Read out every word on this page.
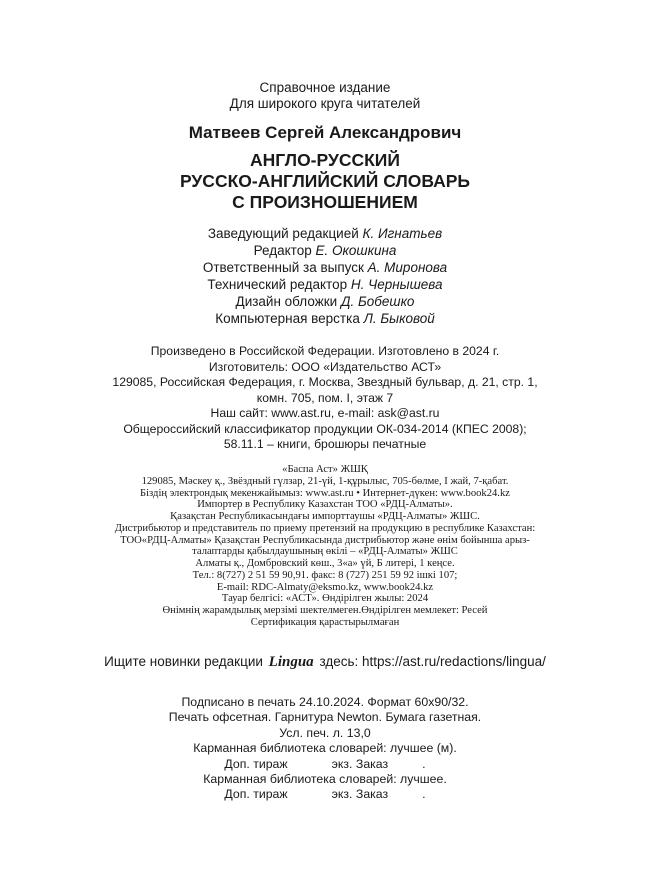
Справочное издание

Для широкого круга читателей

Матвеев Сергей Александрович

АНГЛО-РУССКИЙ

РУССКО-АНГЛИЙСКИЙ СЛОВАРЬ

С ПРОИЗНОШЕНИЕМ

Заведующий редакцией К. Игнатьев

Редактор Е. Окошкина

Ответственный за выпуск А. Миронова

Технический редактор Н. Чернышева

Дизайн обложки Д. Бобешко

Компьютерная верстка Л. Быковой

Произведено в Российской Федерации. Изготовлено в 2024 г.

Изготовитель: ООО «Издательство АСТ»

129085, Российская Федерация, г. Москва, Звездный бульвар, д. 21, стр. 1,

комн. 705, пом. I, этаж 7

Наш сайт: www.ast.ru, e-mail: ask@ast.ru

Общероссийский классификатор продукции ОК-034-2014 (КПЕС 2008);

58.11.1 – книги, брошюры печатные

«Баспа Аст» ЖШҚ

129085, Мәскеу қ., Звёздный гүлзар, 21-үй, 1-құрылыс, 705-бөлме, I жай, 7-қабат.

Біздің электрондық мекенжайымыз: www.ast.ru • Интернет-дүкен: www.book24.kz

Импортер в Республику Казахстан ТОО «РДЦ-Алматы».

Қазақстан Республикасындағы импорттаушы «РДЦ-Алматы» ЖШС.

Дистрибьютор и представитель по приему претензий на продукцию в республике Казахстан:

ТОО«РДЦ-Алматы» Қазақстан Республикасында дистрибьютор және өнім бойынша арыз-

талаптарды қабылдаушының өкілі – «РДЦ-Алматы» ЖШС

Алматы қ., Домбровский көш., 3«а» үй, Б литері, 1 кеңсе.

Тел.: 8(727) 2 51 59 90,91. факс: 8 (727) 251 59 92 ішкі 107;

E-mail: RDC-Almaty@eksmo.kz, www.book24.kz

Тауар белгісі: «АСТ». Өндірілген жылы: 2024

Өнімнің жарамдылық мерзімі шектелмеген.Өндірілген мемлекет: Ресей

Сертификация қарастырылмаған

Ищите новинки редакции Lingua здесь: https://ast.ru/redactions/lingua/

Подписано в печать 24.10.2024. Формат 60х90/32.

Печать офсетная. Гарнитура Newton. Бумага газетная.

Усл. печ. л. 13,0

Карманная библиотека словарей: лучшее (м).

Доп. тираж	экз. Заказ	.

Карманная библиотека словарей: лучшее.

Доп. тираж	экз. Заказ	.
